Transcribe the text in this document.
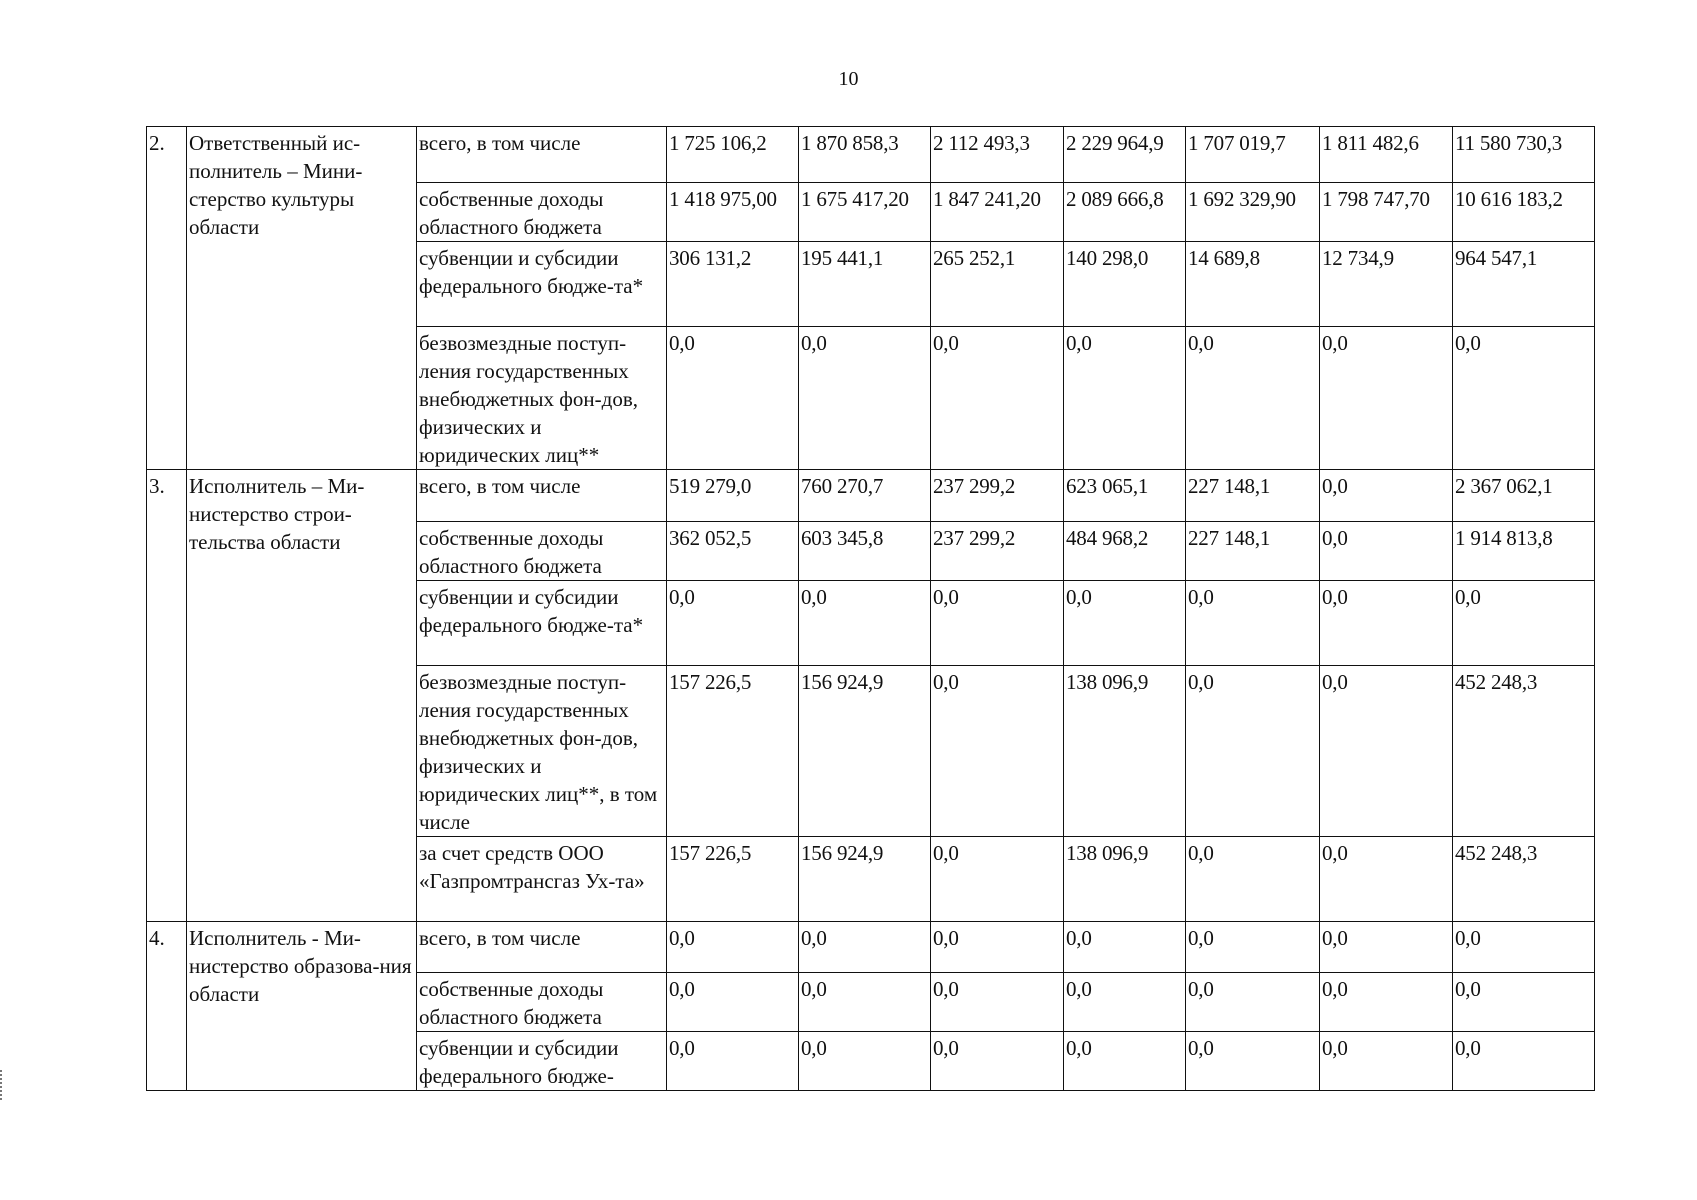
10
2.	Ответственный ис-полнитель – Мини-стерство культуры области	всего, в том числе	1 725 106,2	1 870 858,3	2 112 493,3	2 229 964,9	1 707 019,7	1 811 482,6	11 580 730,3
		собственные доходы областного бюджета	1 418 975,00	1 675 417,20	1 847 241,20	2 089 666,8	1 692 329,90	1 798 747,70	10 616 183,2
		субвенции и субсидии федерального бюдже-та*	306 131,2	195 441,1	265 252,1	140 298,0	14 689,8	12 734,9	964 547,1
		безвозмездные поступ-ления государственных внебюджетных фон-дов, физических и юридических лиц**	0,0	0,0	0,0	0,0	0,0	0,0	0,0
3.	Исполнитель – Ми-нистерство строи-тельства области	всего, в том числе	519 279,0	760 270,7	237 299,2	623 065,1	227 148,1	0,0	2 367 062,1
		собственные доходы областного бюджета	362 052,5	603 345,8	237 299,2	484 968,2	227 148,1	0,0	1 914 813,8
		субвенции и субсидии федерального бюдже-та*	0,0	0,0	0,0	0,0	0,0	0,0	0,0
		безвозмездные поступ-ления государственных внебюджетных фон-дов, физических и юридических лиц**, в том числе	157 226,5	156 924,9	0,0	138 096,9	0,0	0,0	452 248,3
		за счет средств ООО «Газпромтрансгаз Ух-та»	157 226,5	156 924,9	0,0	138 096,9	0,0	0,0	452 248,3
4.	Исполнитель - Ми-нистерство образова-ния области	всего, в том числе	0,0	0,0	0,0	0,0	0,0	0,0	0,0
		собственные доходы областного бюджета	0,0	0,0	0,0	0,0	0,0	0,0	0,0
		субвенции и субсидии федерального бюдже-	0,0	0,0	0,0	0,0	0,0	0,0	0,0
